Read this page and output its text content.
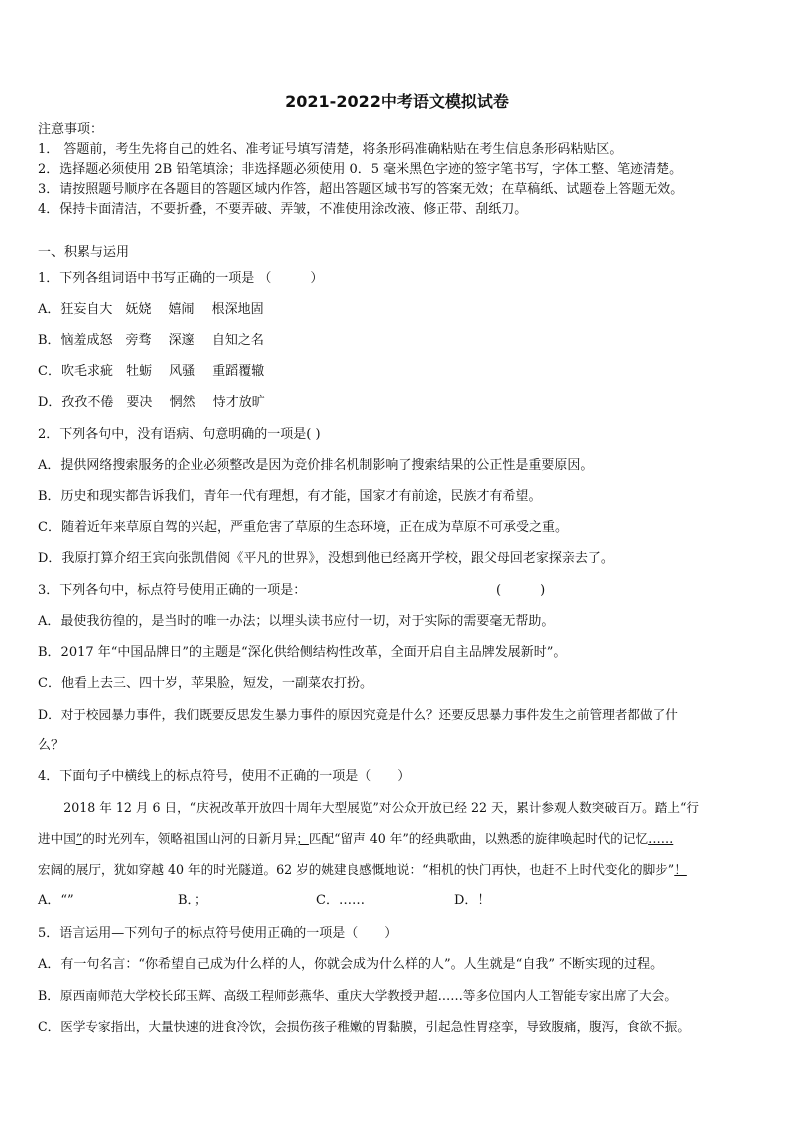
2021-2022中考语文模拟试卷
注意事项：
1． 答题前，考生先将自己的姓名、准考证号填写清楚，将条形码准确粘贴在考生信息条形码粘贴区。
2．选择题必须使用 2B 铅笔填涂；非选择题必须使用 0．5 毫米黑色字迹的签字笔书写，字体工整、笔迹清楚。
3．请按照题号顺序在各题目的答题区域内作答，超出答题区域书写的答案无效；在草稿纸、试题卷上答题无效。
4．保持卡面清洁，不要折叠，不要弄破、弄皱，不准使用涂改液、修正带、刮纸刀。
一、积累与运用
1．下列各组词语中书写正确的一项是 （　　　）
A．狂妄自大　妩娆　 嬉闹　 根深地固
B．恼羞成怒　旁骛　 深邃　 自知之名
C．吹毛求疵　牡蛎　 风骚　 重蹈覆辙
D．孜孜不倦　要决　 惘然　 恃才放旷
2．下列各句中，没有语病、句意明确的一项是( )
A．提供网络搜索服务的企业必须整改是因为竞价排名机制影响了搜索结果的公正性是重要原因。
B．历史和现实都告诉我们，青年一代有理想，有才能，国家才有前途，民族才有希望。
C．随着近年来草原自驾的兴起，严重危害了草原的生态环境，正在成为草原不可承受之重。
D．我原打算介绍王宾向张凯借阅《平凡的世界》，没想到他已经离开学校，跟父母回老家探亲去了。
3．下列各句中，标点符号使用正确的一项是：	(　　　)
A．最使我彷徨的，是当时的唯一办法；以埋头读书应付一切，对于实际的需要毫无帮助。
B．2017 年“中国品牌日”的主题是“深化供给侧结构性改革，全面开启自主品牌发展新时”。
C．他看上去三、四十岁，苹果脸，短发，一副菜农打扮。
D．对于校园暴力事件，我们既要反思发生暴力事件的原因究竟是什么？还要反思暴力事件发生之前管理者都做了什
么？
4．下面句子中横线上的标点符号，使用不正确的一项是（　　）
　　2018 年 12 月 6 日，“庆祝改革开放四十周年大型展览”对公众开放已经 22 天，累计参观人数突破百万。踏上“行
进中国”的时光列车，领略祖国山河的日新月异；匹配“留声 40 年”的经典歌曲，以熟悉的旋律唤起时代的记忆……
宏阔的展厅，犹如穿越 40 年的时光隧道。62 岁的姚建良感慨地说：“相机的快门再快，也赶不上时代变化的脚步”！
A．“”	B．；	C．……	D．！
5．语言运用—下列句子的标点符号使用正确的一项是（　　）
A．有一句名言：“你希望自己成为什么样的人，你就会成为什么样的人”。人生就是“自我” 不断实现的过程。
B．原西南师范大学校长邱玉辉、高级工程师彭燕华、重庆大学教授尹超……等多位国内人工智能专家出席了大会。
C．医学专家指出，大量快速的进食冷饮，会损伤孩子稚嫩的胃黏膜，引起急性胃痉挛，导致腹痛，腹泻，食欲不振。
